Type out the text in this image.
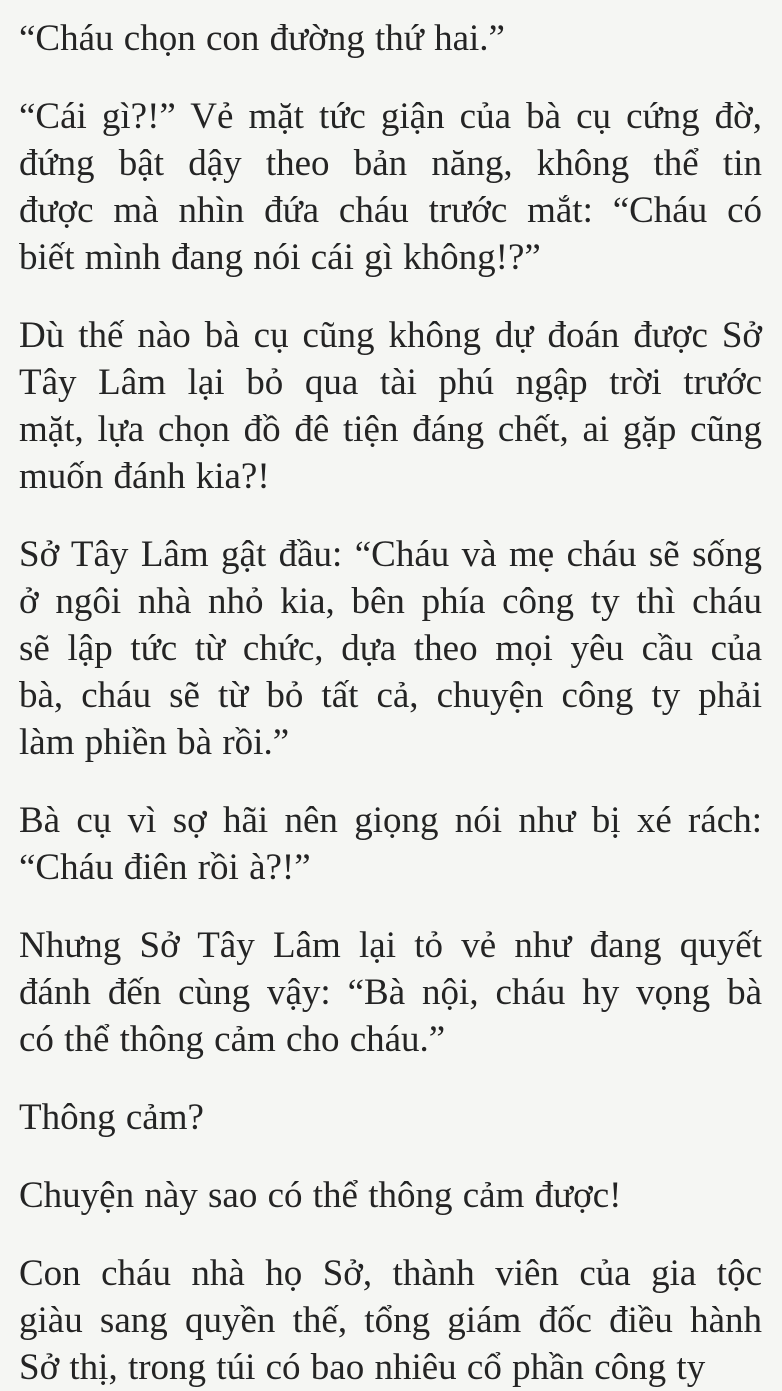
“Cháu chọn con đường thứ hai.”

“Cái gì?!” Vẻ mặt tức giận của bà cụ cứng đờ,
đứng bật dậy theo bản năng, không thể tin
được mà nhìn đứa cháu trước mắt: “Cháu có
biết mình đang nói cái gì không!?”

Dù thế nào bà cụ cũng không dự đoán được Sở
Tây Lâm lại bỏ qua tài phú ngập trời trước
mặt, lựa chọn đồ đê tiện đáng chết, ai gặp cũng
muốn đánh kia?!

Sở Tây Lâm gật đầu: “Cháu và mẹ cháu sẽ sống
ở ngôi nhà nhỏ kia, bên phía công ty thì cháu
sẽ lập tức từ chức, dựa theo mọi yêu cầu của
bà, cháu sẽ từ bỏ tất cả, chuyện công ty phải
làm phiền bà rồi.”

Bà cụ vì sợ hãi nên giọng nói như bị xé rách:
“Cháu điên rồi à?!”

Nhưng Sở Tây Lâm lại tỏ vẻ như đang quyết
đánh đến cùng vậy: “Bà nội, cháu hy vọng bà
có thể thông cảm cho cháu.”

Thông cảm?

Chuyện này sao có thể thông cảm được!

Con cháu nhà họ Sở, thành viên của gia tộc
giàu sang quyền thế, tổng giám đốc điều hành
Sở thị, trong túi có bao nhiêu cổ phần công ty
